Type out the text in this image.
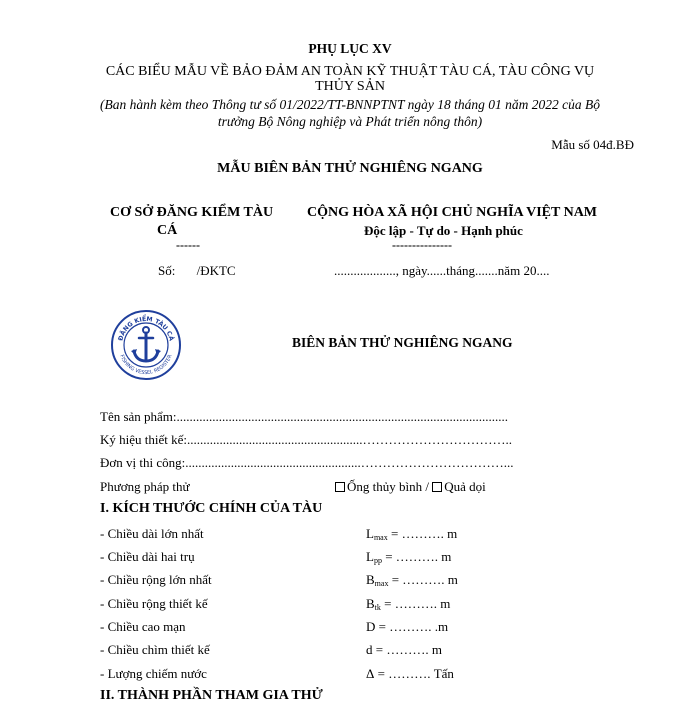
PHỤ LỤC XV
CÁC BIỂU MẪU VỀ BẢO ĐẢM AN TOÀN KỸ THUẬT TÀU CÁ, TÀU CÔNG VỤ
THỦY SẢN
(Ban hành kèm theo Thông tư số 01/2022/TT-BNNPTNT ngày 18 tháng 01 năm 2022 của Bộ
trưởng Bộ Nông nghiệp và Phát triển nông thôn)
Mẫu số 04đ.BĐ
MẪU BIÊN BẢN THỬ NGHIÊNG NGANG
CƠ SỞ ĐĂNG KIỂM TÀU
CÁ
------
CỘNG HÒA XÃ HỘI CHỦ NGHĨA VIỆT NAM
Độc lập - Tự do - Hạnh phúc
---------------
Số: /ĐKTC	..................., ngày......tháng.......năm 20....
ĐĂNG KIỂM TÀU CÁ
FISHING VESSEL REGISTER
BIÊN BẢN THỬ NGHIÊNG NGANG
Tên sản phẩm:......................................................................................................
Ký hiệu thiết kế:......................................................……………………………..
Đơn vị thi công:......................................................……………………………...
Phương pháp thử	Ống thủy bình / Quả dọi
I. KÍCH THƯỚC CHÍNH CỦA TÀU
- Chiều dài lớn nhất	$L_{max}$ = ………. m
- Chiều dài hai trụ	$L_{pp}$ = ………. m
- Chiều rộng lớn nhất	$B_{max}$ = ………. m
- Chiều rộng thiết kế	$B_{tk}$ = ………. m
- Chiều cao mạn	D = ………. .m
- Chiều chìm thiết kế	d = ………. m
- Lượng chiếm nước	Δ = ………. Tấn
II. THÀNH PHẦN THAM GIA THỬ
